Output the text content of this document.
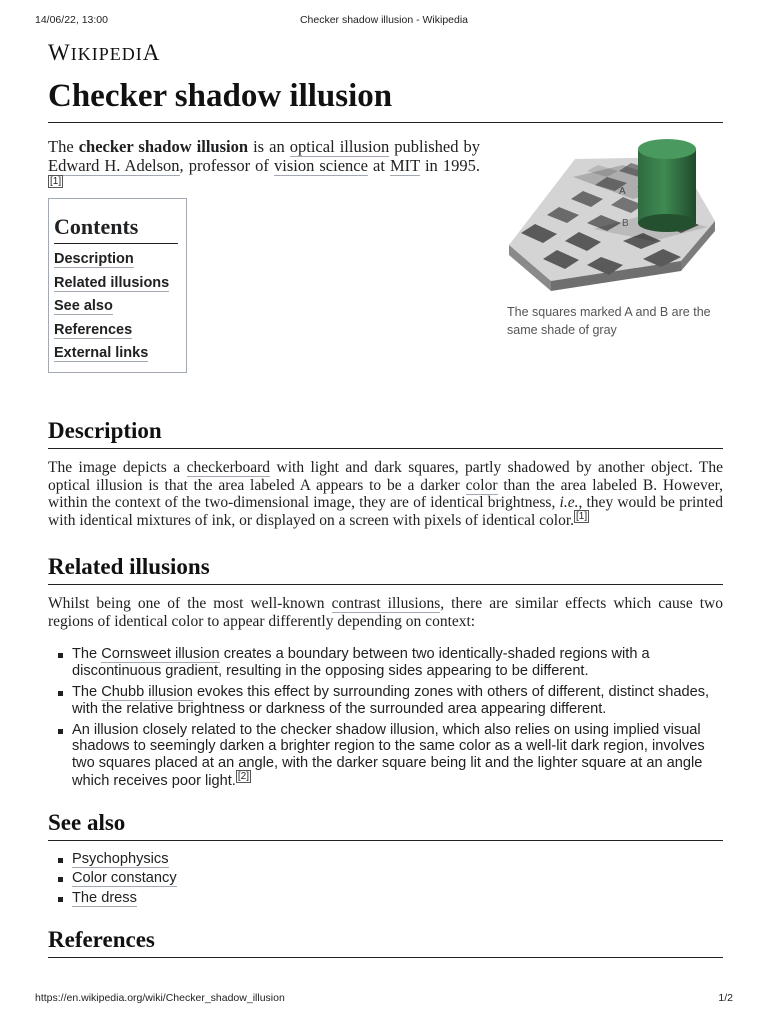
14/06/22, 13:00	Checker shadow illusion - Wikipedia
WIKIPEDIA
Checker shadow illusion
The checker shadow illusion is an optical illusion published by Edward H. Adelson, professor of vision science at MIT in 1995.[1]
Contents
Description
Related illusions
See also
References
External links
A
B
The squares marked A and B are the same shade of gray
Description

The image depicts a checkerboard with light and dark squares, partly shadowed by another object. The optical illusion is that the area labeled A appears to be a darker color than the area labeled B. However, within the context of the two-dimensional image, they are of identical brightness, i.e., they would be printed with identical mixtures of ink, or displayed on a screen with pixels of identical color. [1]

Related illusions

Whilst being one of the most well-known contrast illusions, there are similar effects which cause two regions of identical color to appear differently depending on context:

The Cornsweet illusion creates a boundary between two identically-shaded regions with a discontinuous gradient, resulting in the opposing sides appearing to be different.
The Chubb illusion evokes this effect by surrounding zones with others of different, distinct shades, with the relative brightness or darkness of the surrounded area appearing different.
An illusion closely related to the checker shadow illusion, which also relies on using implied visual shadows to seemingly darken a brighter region to the same color as a well-lit dark region, involves two squares placed at an angle, with the darker square being lit and the lighter square at an angle which receives poor light. [2]
See also
Psychophysics
Color constancy
The dress
References
https://en.wikipedia.org/wiki/Checker_shadow_illusion	1/2
